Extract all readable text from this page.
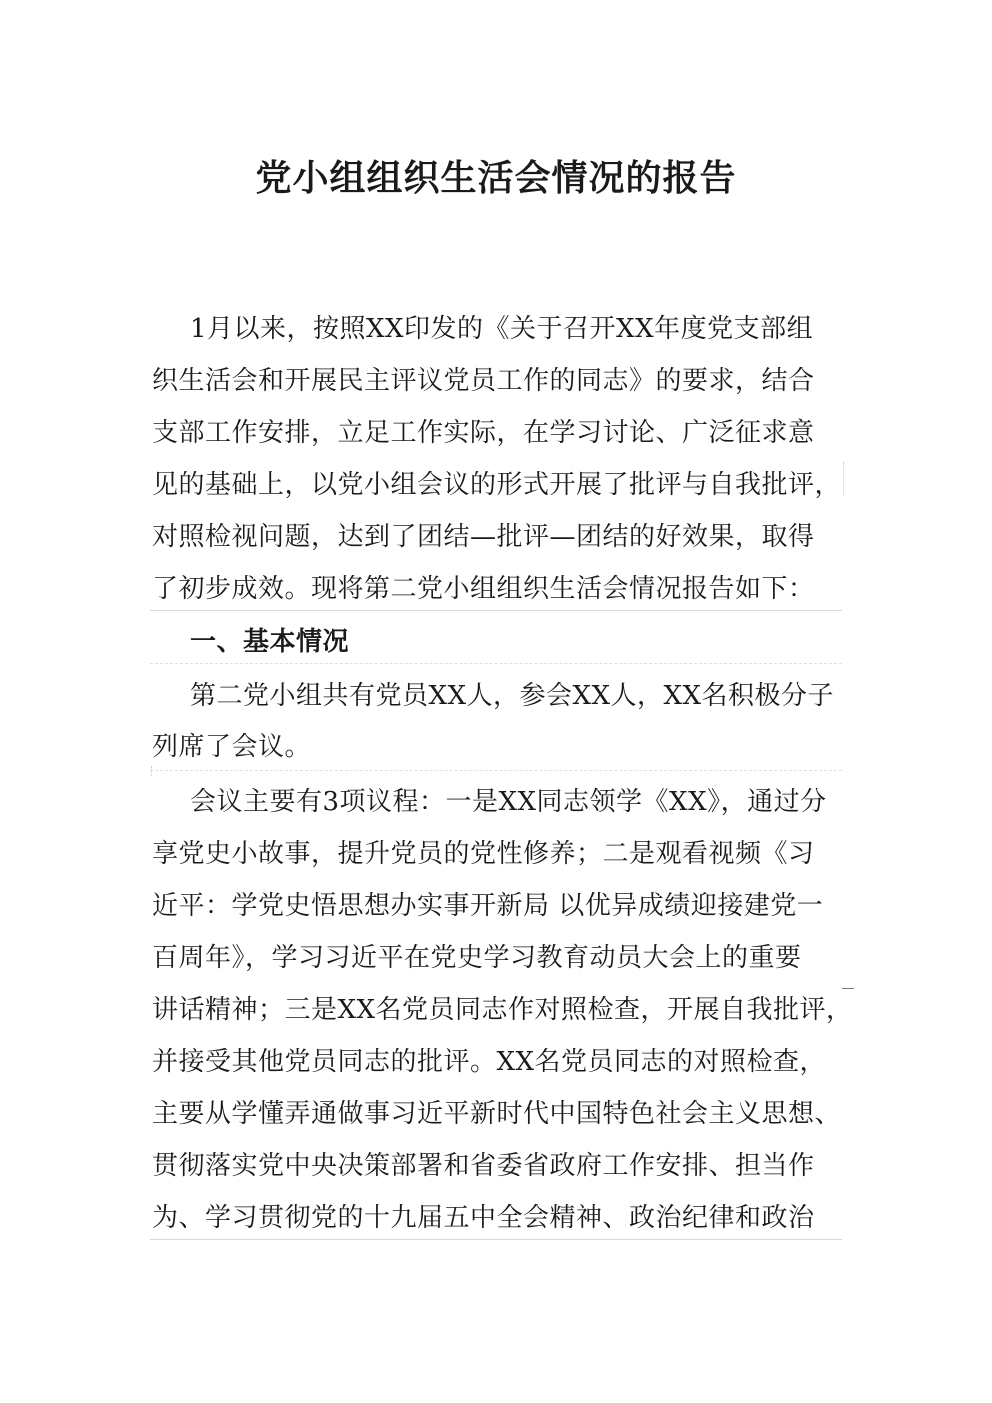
党小组组织生活会情况的报告
1月以来，按照XX印发的《关于召开XX年度党支部组
织生活会和开展民主评议党员工作的同志》的要求，结合
支部工作安排，立足工作实际，在学习讨论、广泛征求意
见的基础上，以党小组会议的形式开展了批评与自我批评，
对照检视问题，达到了团结—批评—团结的好效果，取得
了初步成效。现将第二党小组组织生活会情况报告如下：
一、基本情况
第二党小组共有党员XX人，参会XX人，XX名积极分子
列席了会议。
会议主要有3项议程：一是XX同志领学《XX》，通过分
享党史小故事，提升党员的党性修养；二是观看视频《习
近平：学党史悟思想办实事开新局 以优异成绩迎接建党一
百周年》，学习习近平在党史学习教育动员大会上的重要
讲话精神；三是XX名党员同志作对照检查，开展自我批评，
并接受其他党员同志的批评。XX名党员同志的对照检查，
主要从学懂弄通做事习近平新时代中国特色社会主义思想、
贯彻落实党中央决策部署和省委省政府工作安排、担当作
为、学习贯彻党的十九届五中全会精神、政治纪律和政治
